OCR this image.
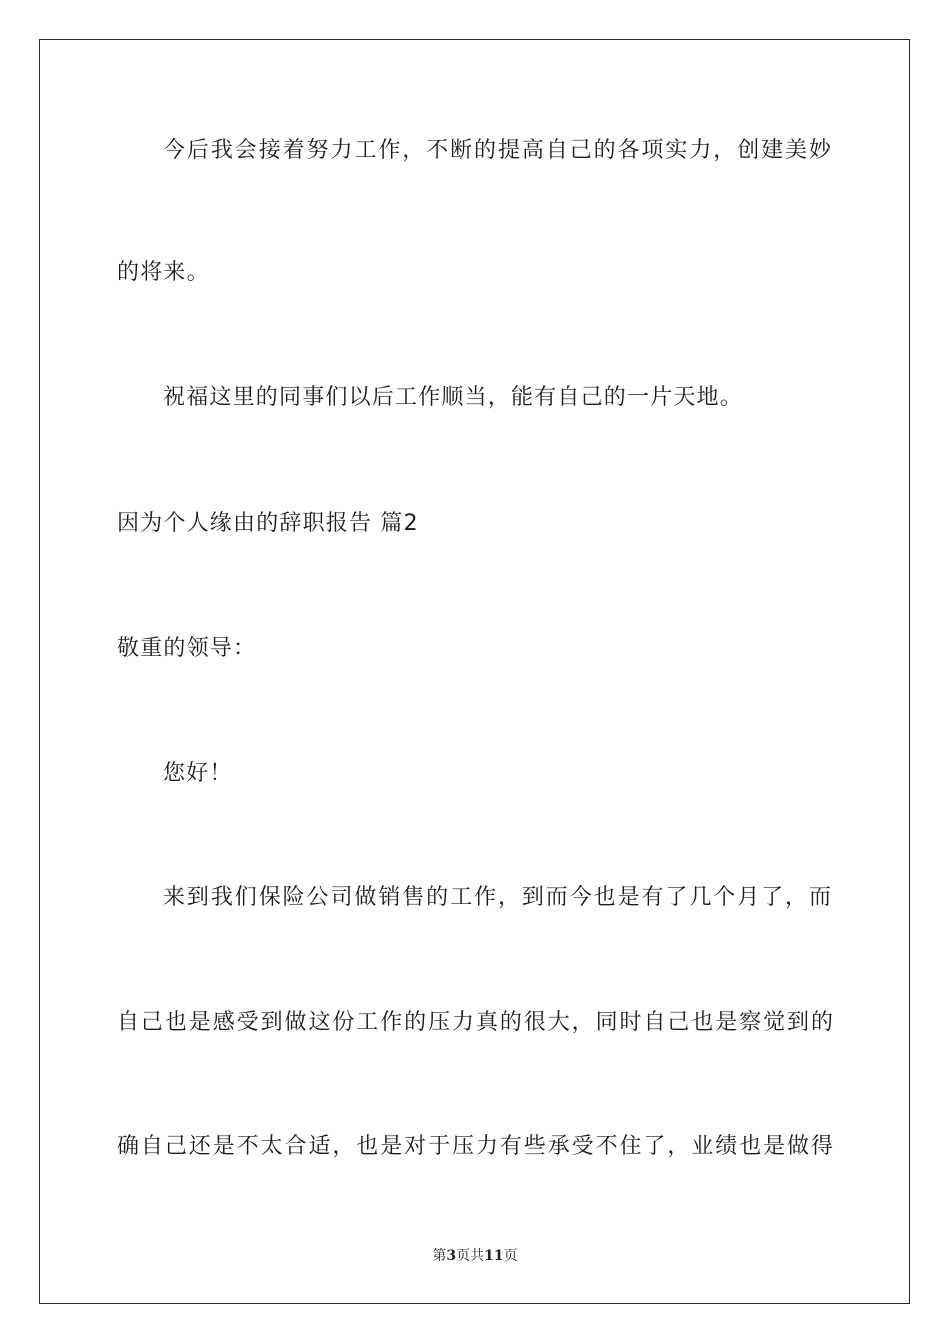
今后我会接着努力工作，不断的提高自己的各项实力，创建美妙
的将来。
祝福这里的同事们以后工作顺当，能有自己的一片天地。
因为个人缘由的辞职报告 篇2
敬重的领导：
您好！
来到我们保险公司做销售的工作，到而今也是有了几个月了，而
自己也是感受到做这份工作的压力真的很大，同时自己也是察觉到的
确自己还是不太合适，也是对于压力有些承受不住了，业绩也是做得
第3页共11页
